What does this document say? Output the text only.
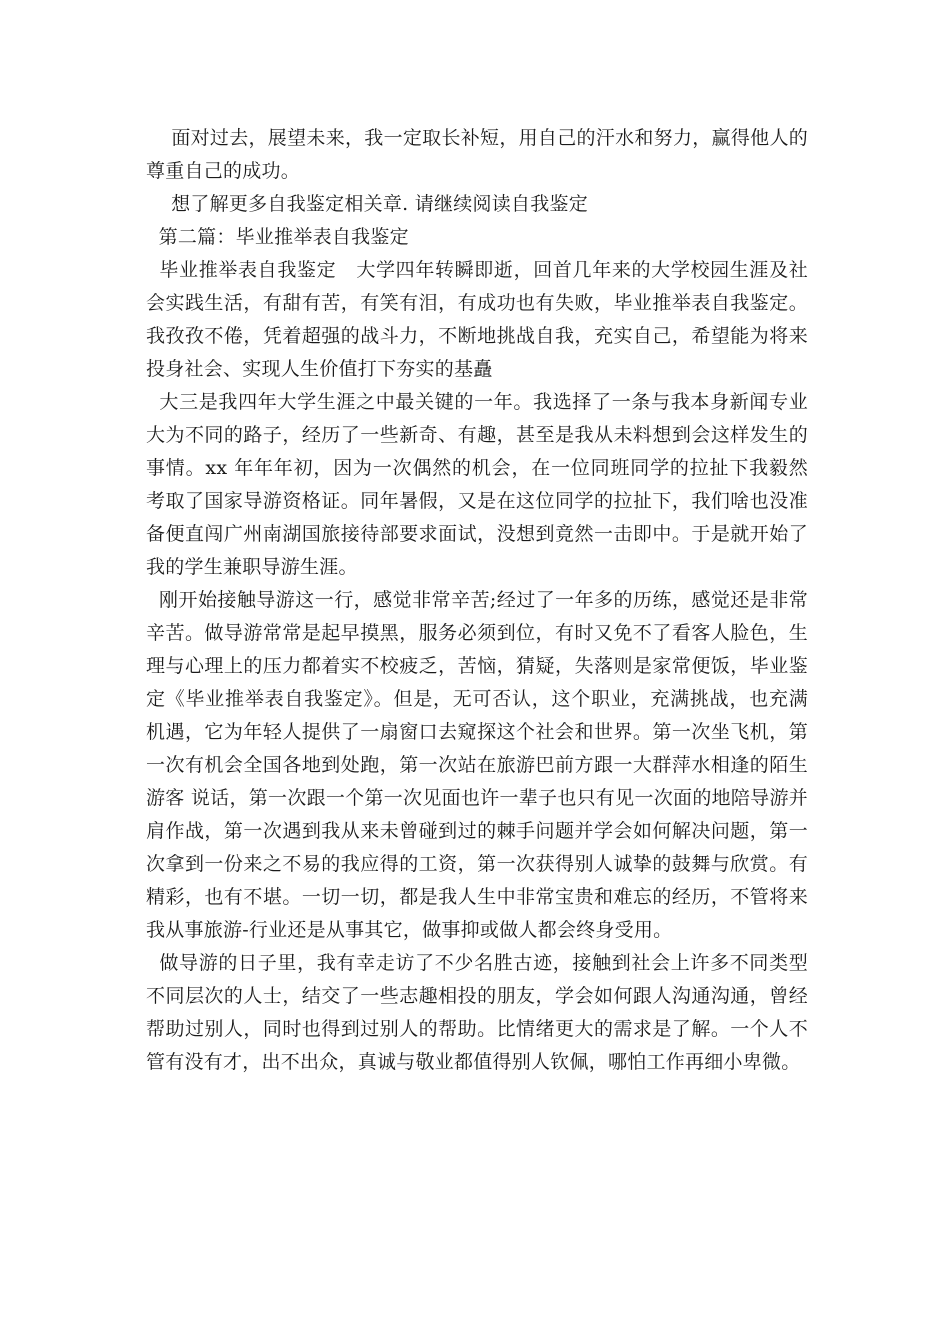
面对过去，展望未来，我一定取长补短，用自己的汗水和努力，赢得他人的尊重自己的成功。

想了解更多自我鉴定相关章. 请继续阅读自我鉴定

第二篇：毕业推举表自我鉴定

毕业推举表自我鉴定   大学四年转瞬即逝，回首几年来的大学校园生涯及社会实践生活，有甜有苦，有笑有泪，有成功也有失败，毕业推举表自我鉴定。我孜孜不倦，凭着超强的战斗力，不断地挑战自我，充实自己，希望能为将来投身社会、实现人生价值打下夯实的基矗

大三是我四年大学生涯之中最关键的一年。我选择了一条与我本身新闻专业大为不同的路子，经历了一些新奇、有趣，甚至是我从未料想到会这样发生的事情。xx 年年年初，因为一次偶然的机会，在一位同班同学的拉扯下我毅然考取了国家导游资格证。同年暑假，又是在这位同学的拉扯下，我们啥也没准备便直闯广州南湖国旅接待部要求面试，没想到竟然一击即中。于是就开始了我的学生兼职导游生涯。

刚开始接触导游这一行，感觉非常辛苦;经过了一年多的历练，感觉还是非常辛苦。做导游常常是起早摸黑，服务必须到位，有时又免不了看客人脸色，生理与心理上的压力都着实不校疲乏，苦恼，猜疑，失落则是家常便饭，毕业鉴定《毕业推举表自我鉴定》。但是，无可否认，这个职业，充满挑战，也充满机遇，它为年轻人提供了一扇窗口去窥探这个社会和世界。第一次坐飞机，第一次有机会全国各地到处跑，第一次站在旅游巴前方跟一大群萍水相逢的陌生游客 说话，第一次跟一个第一次见面也许一辈子也只有见一次面的地陪导游并肩作战，第一次遇到我从来未曾碰到过的棘手问题并学会如何解决问题，第一次拿到一份来之不易的我应得的工资，第一次获得别人诚挚的鼓舞与欣赏。有精彩，也有不堪。一切一切，都是我人生中非常宝贵和难忘的经历，不管将来我从事旅游-行业还是从事其它，做事抑或做人都会终身受用。

做导游的日子里，我有幸走访了不少名胜古迹，接触到社会上许多不同类型不同层次的人士，结交了一些志趣相投的朋友，学会如何跟人沟通沟通，曾经帮助过别人，同时也得到过别人的帮助。比情绪更大的需求是了解。一个人不管有没有才，出不出众，真诚与敬业都值得别人钦佩，哪怕工作再细小卑微。
